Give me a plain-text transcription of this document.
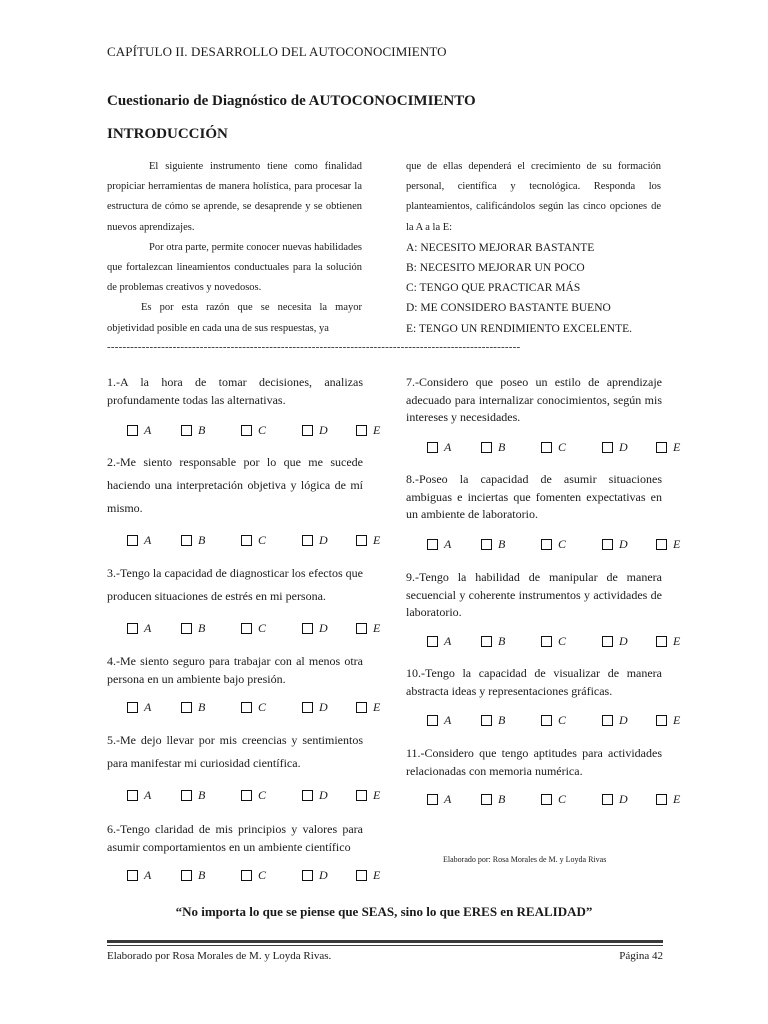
CAPÍTULO II. DESARROLLO DEL AUTOCONOCIMIENTO
Cuestionario de Diagnóstico de AUTOCONOCIMIENTO
INTRODUCCIÓN

El siguiente instrumento tiene como finalidad propiciar herramientas de manera holística, para procesar la estructura de cómo se aprende, se desaprende y se obtienen nuevos aprendizajes.

Por otra parte, permite conocer nuevas habilidades que fortalezcan lineamientos conductuales para la solución de problemas creativos y novedosos.

Es por esta razón que se necesita la mayor objetividad posible en cada una de sus respuestas, ya

que de ellas dependerá el crecimiento de su formación personal, científica y tecnológica. Responda los planteamientos, calificándolos según las cinco opciones de la A a la E:

A: NECESITO MEJORAR BASTANTE
B: NECESITO MEJORAR UN POCO
C: TENGO QUE PRACTICAR MÁS
D: ME CONSIDERO BASTANTE BUENO
E: TENGO UN RENDIMIENTO EXCELENTE.
-----------------------------------------------------------------------------------------------------------
1.-A la hora de tomar decisiones, analizas profundamente todas las alternativas.
A	B	C	D	E
2.-Me siento responsable por lo que me sucede haciendo una interpretación objetiva y lógica de mí mismo.
A	B	C	D	E
3.-Tengo la capacidad de diagnosticar los efectos que producen situaciones de estrés en mi persona.
A	B	C	D	E
4.-Me siento seguro para trabajar con al menos otra persona en un ambiente bajo presión.
A	B	C	D	E
5.-Me dejo llevar por mis creencias y sentimientos para manifestar mi curiosidad científica.
A	B	C	D	E
6.-Tengo claridad de mis principios y valores para asumir comportamientos en un ambiente científico
A	B	C	D	E
7.-Considero que poseo un estilo de aprendizaje adecuado para internalizar conocimientos, según mis intereses y necesidades.
A	B	C	D	E
8.-Poseo la capacidad de asumir situaciones ambiguas e inciertas que fomenten expectativas en un ambiente de laboratorio.
A	B	C	D	E
9.-Tengo la habilidad de manipular de manera secuencial y coherente instrumentos y actividades de laboratorio.
A	B	C	D	E
10.-Tengo la capacidad de visualizar de manera abstracta ideas y representaciones gráficas.
A	B	C	D	E
11.-Considero que tengo aptitudes para actividades relacionadas con memoria numérica.
A	B	C	D	E
Elaborado por: Rosa Morales de M. y Loyda Rivas
“No importa lo que se piense que SEAS, sino lo que ERES en REALIDAD”
Elaborado por Rosa Morales de M. y Loyda Rivas.	Página 42
